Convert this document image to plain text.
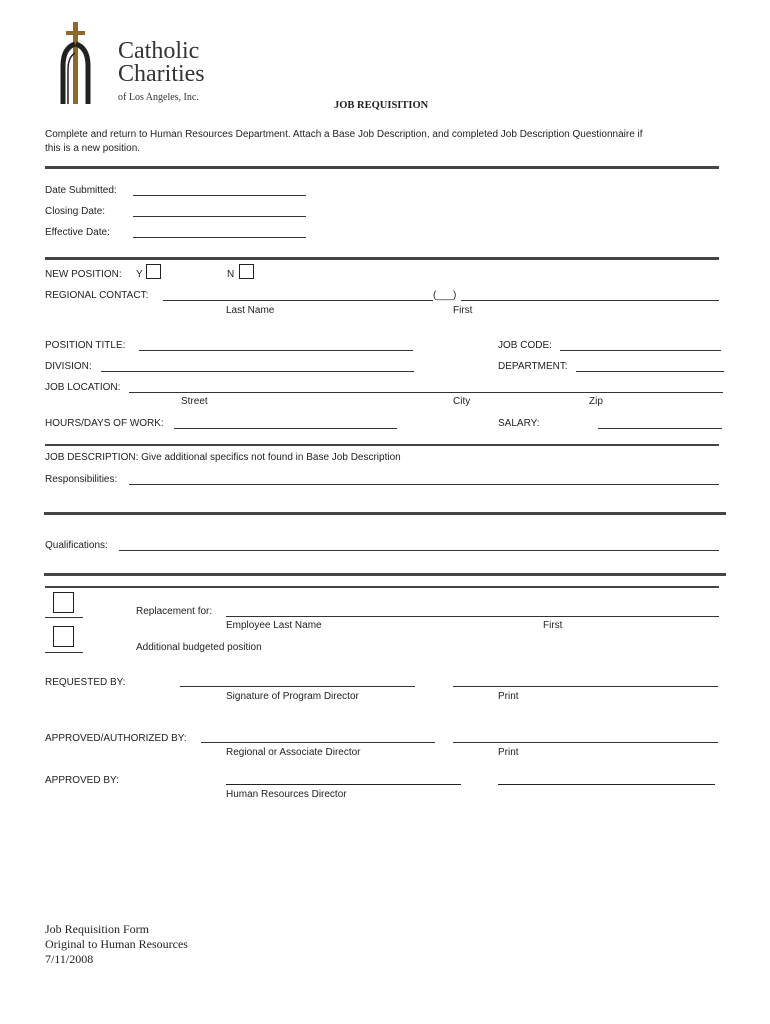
Catholic
Charities
of Los Angeles, Inc.
JOB REQUISITION
Complete and return to Human Resources Department. Attach a Base Job Description, and completed Job Description Questionnaire if
this is a new position.
Date Submitted:
Closing Date:
Effective Date:
NEW POSITION: Y	N
REGIONAL CONTACT:	(___)
Last Name	First
POSITION TITLE:	JOB CODE:
DIVISION:	DEPARTMENT:
JOB LOCATION:
Street	City	Zip
HOURS/DAYS OF WORK:	SALARY:
JOB DESCRIPTION: Give additional specifics not found in Base Job Description
Responsibilities:
Qualifications:
Replacement for:
Employee Last Name	First
Additional budgeted position
REQUESTED BY:
Signature of Program Director	Print
APPROVED/AUTHORIZED BY:
Regional or Associate Director	Print
APPROVED BY:
Human Resources Director
Job Requisition Form
Original to Human Resources
7/11/2008
